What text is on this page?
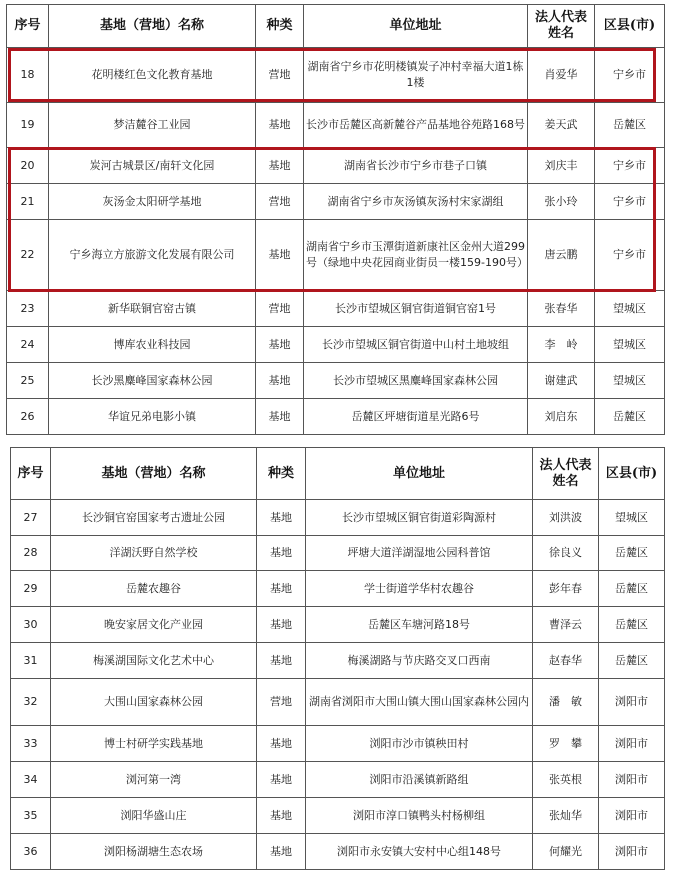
序号	基地（营地）名称	种类	单位地址	法人代表姓名	区县(市)
18	花明楼红色文化教育基地	营地	湖南省宁乡市花明楼镇炭子冲村幸福大道1栋1楼	肖爱华	宁乡市
19	梦洁麓谷工业园	基地	长沙市岳麓区高新麓谷产品基地谷苑路168号	姜天武	岳麓区
20	炭河古城景区/南轩文化园	基地	湖南省长沙市宁乡市巷子口镇	刘庆丰	宁乡市
21	灰汤金太阳研学基地	营地	湖南省宁乡市灰汤镇灰汤村宋家湖组	张小玲	宁乡市
22	宁乡海立方旅游文化发展有限公司	基地	湖南省宁乡市玉潭街道新康社区金州大道299号（绿地中央花园商业街员一楼159-190号）	唐云鹏	宁乡市
23	新华联铜官窑古镇	营地	长沙市望城区铜官街道铜官窑1号	张春华	望城区
24	博库农业科技园	基地	长沙市望城区铜官街道中山村土地坡组	李　岭	望城区
25	长沙黑麋峰国家森林公园	基地	长沙市望城区黑麋峰国家森林公园	谢建武	望城区
26	华谊兄弟电影小镇	基地	岳麓区坪塘街道星光路6号	刘启东	岳麓区
序号	基地（营地）名称	种类	单位地址	法人代表姓名	区县(市)
27	长沙铜官窑国家考古遗址公园	基地	长沙市望城区铜官街道彩陶源村	刘洪波	望城区
28	洋湖沃野自然学校	基地	坪塘大道洋湖湿地公园科普馆	徐良义	岳麓区
29	岳麓农趣谷	基地	学士街道学华村农趣谷	彭年春	岳麓区
30	晚安家居文化产业园	基地	岳麓区车塘河路18号	曹泽云	岳麓区
31	梅溪湖国际文化艺术中心	基地	梅溪湖路与节庆路交叉口西南	赵春华	岳麓区
32	大围山国家森林公园	营地	湖南省浏阳市大围山镇大围山国家森林公园内	潘　敏	浏阳市
33	博士村研学实践基地	基地	浏阳市沙市镇秧田村	罗　攀	浏阳市
34	浏河第一湾	基地	浏阳市沿溪镇新路组	张英根	浏阳市
35	浏阳华盛山庄	基地	浏阳市淳口镇鸭头村杨柳组	张灿华	浏阳市
36	浏阳杨湖塘生态农场	基地	浏阳市永安镇大安村中心组148号	何耀光	浏阳市
